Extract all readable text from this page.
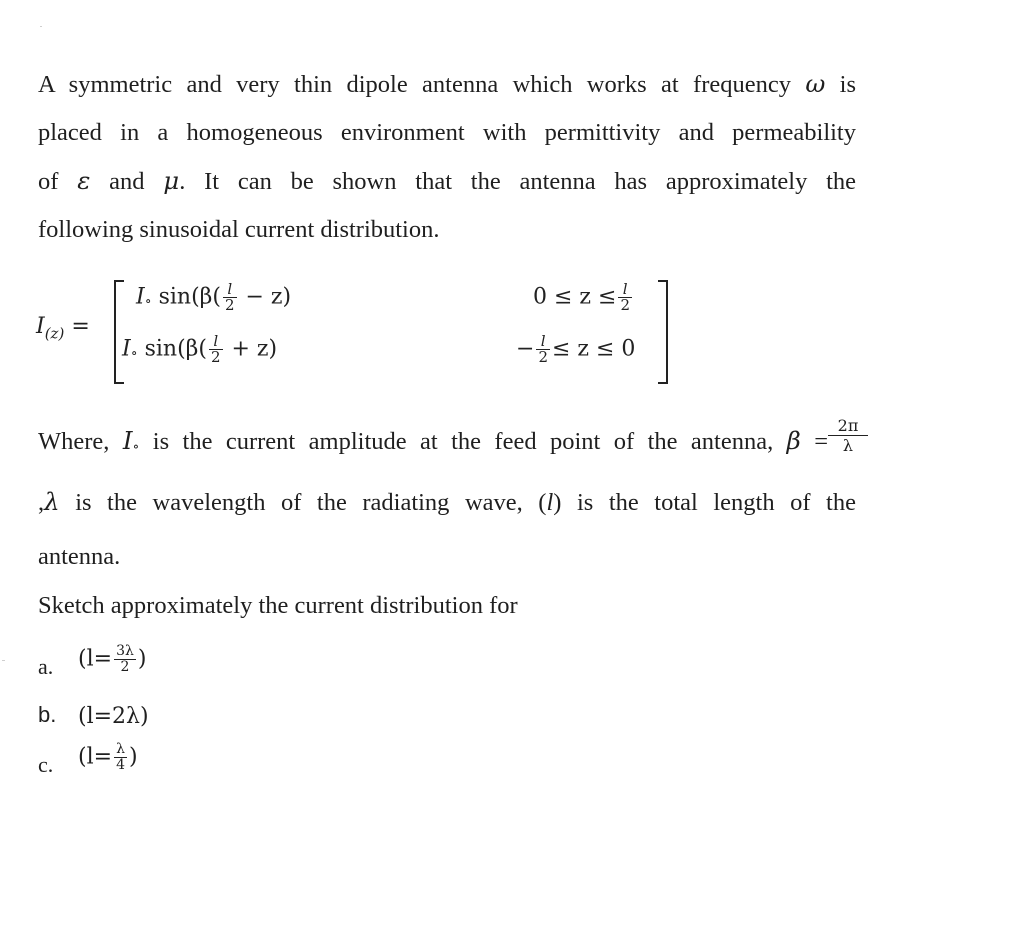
A symmetric and very thin dipole antenna which works at frequency ω is
placed in a homogeneous environment with permittivity and permeability
of ε and μ. It can be shown that the antenna has approximately the
following sinusoidal current distribution.
$I_{(z)}$ =
I∘ $\sin(\beta( \frac{l}{2} - z)$	$0 \le z \le \frac{l}{2}$
I∘ $\sin(\beta( \frac{l}{2} + z)$	− $\frac{l}{2} \le z \le 0$
Where, I∘ is the current amplitude at the feed point of the antenna, β =
,λ is the wavelength of the radiating wave, (l) is the total length of the
antenna.
$\frac{2\pi}{\lambda}$
Sketch approximately the current distribution for
a. ($l= \frac{3\lambda}{2}$ )
b. (l=2λ)
c. ($l= \frac{\lambda}{4}$ )
